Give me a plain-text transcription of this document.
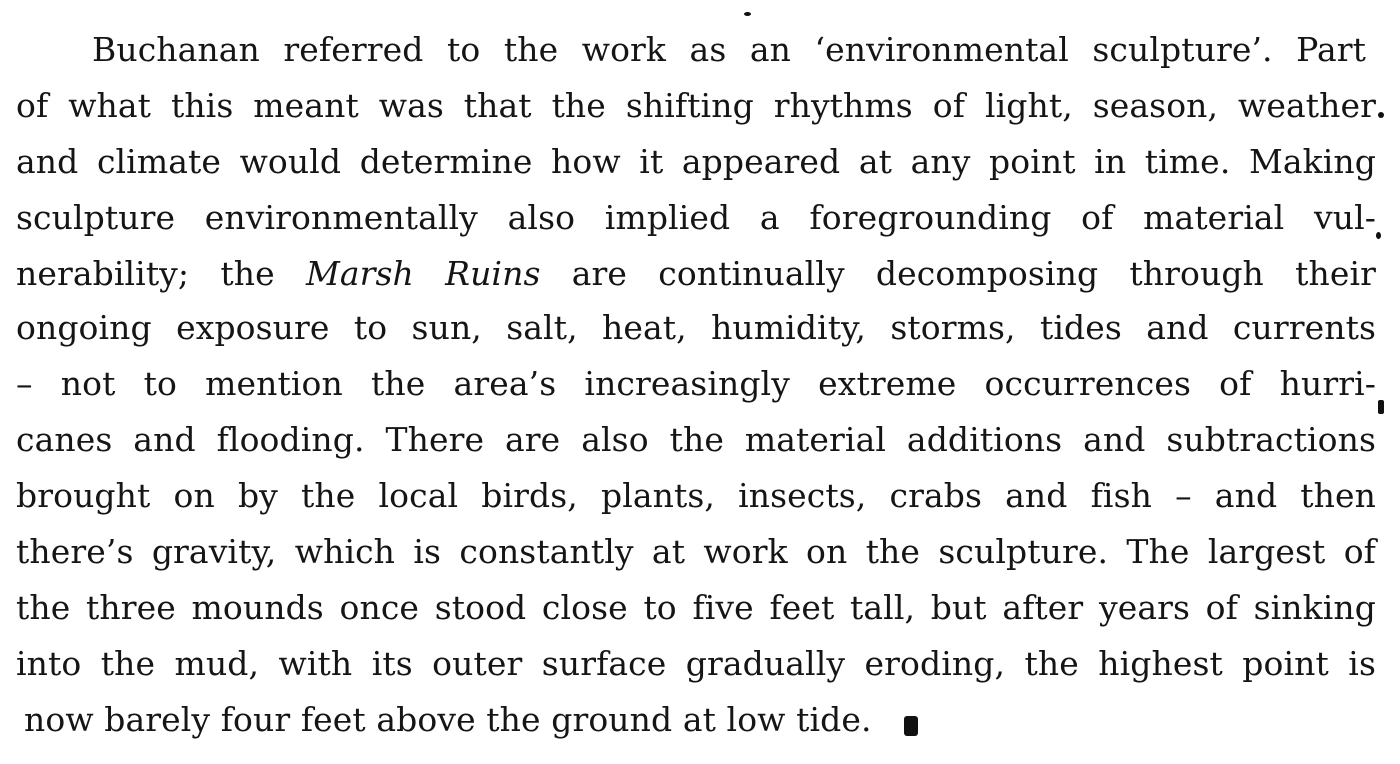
Buchanan referred to the work as an ‘environmental sculpture’. Part
of what this meant was that the shifting rhythms of light, season, weather
and climate would determine how it appeared at any point in time. Making
sculpture environmentally also implied a foregrounding of material vul-
nerability; the Marsh Ruins are continually decomposing through their
ongoing exposure to sun, salt, heat, humidity, storms, tides and currents
– not to mention the area’s increasingly extreme occurrences of hurri-
canes and flooding. There are also the material additions and subtractions
brought on by the local birds, plants, insects, crabs and fish – and then
there’s gravity, which is constantly at work on the sculpture. The largest of
the three mounds once stood close to five feet tall, but after years of sinking
into the mud, with its outer surface gradually eroding, the highest point is
now barely four feet above the ground at low tide.
